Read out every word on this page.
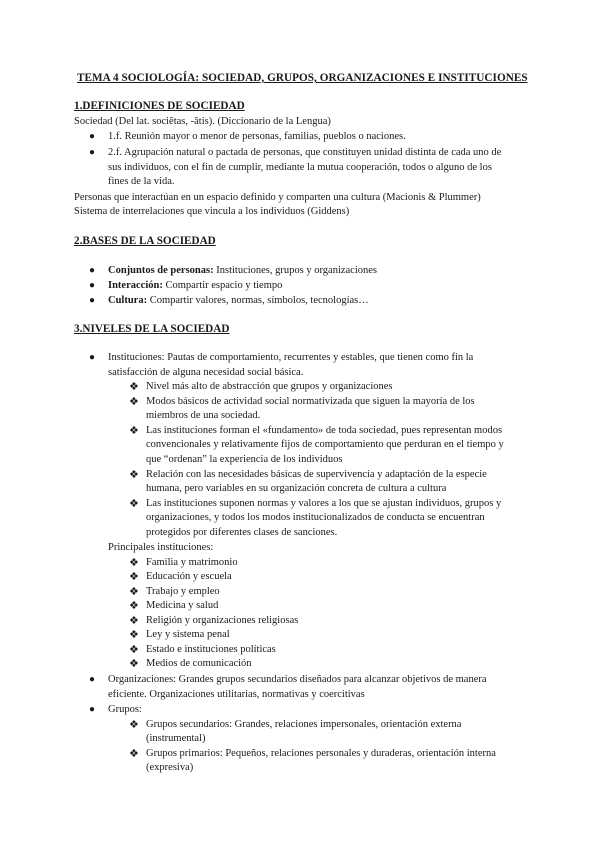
TEMA 4 SOCIOLOGÍA: SOCIEDAD, GRUPOS, ORGANIZACIONES E INSTITUCIONES
1.DEFINICIONES DE SOCIEDAD
Sociedad (Del lat. sociĕtas, -ātis). (Diccionario de la Lengua)
● 1.f. Reunión mayor o menor de personas, familias, pueblos o naciones.
● 2.f. Agrupación natural o pactada de personas, que constituyen unidad distinta de cada uno de
sus individuos, con el fin de cumplir, mediante la mutua cooperación, todos o alguno de los
fines de la vida.
Personas que interactúan en un espacio definido y comparten una cultura (Macionis & Plummer)
Sistema de interrelaciones que vincula a los individuos (Giddens)
2.BASES DE LA SOCIEDAD
● Conjuntos de personas: Instituciones, grupos y organizaciones
● Interacción: Compartir espacio y tiempo
● Cultura: Compartir valores, normas, símbolos, tecnologías…
3.NIVELES DE LA SOCIEDAD
● Instituciones: Pautas de comportamiento, recurrentes y estables, que tienen como fin la
satisfacción de alguna necesidad social básica.
❖ Nivel más alto de abstracción que grupos y organizaciones
❖ Modos básicos de actividad social normativizada que siguen la mayoría de los
miembros de una sociedad.
❖ Las instituciones forman el «fundamento» de toda sociedad, pues representan modos
convencionales y relativamente fijos de comportamiento que perduran en el tiempo y
que “ordenan” la experiencia de los individuos
❖ Relación con las necesidades básicas de supervivencia y adaptación de la especie
humana, pero variables en su organización concreta de cultura a cultura
❖ Las instituciones suponen normas y valores a los que se ajustan individuos, grupos y
organizaciones, y todos los modos institucionalizados de conducta se encuentran
protegidos por diferentes clases de sanciones.
Principales instituciones:
❖ Familia y matrimonio
❖ Educación y escuela
❖ Trabajo y empleo
❖ Medicina y salud
❖ Religión y organizaciones religiosas
❖ Ley y sistema penal
❖ Estado e instituciones políticas
❖ Medios de comunicación
● Organizaciones: Grandes grupos secundarios diseñados para alcanzar objetivos de manera
eficiente. Organizaciones utilitarias, normativas y coercitivas
● Grupos:
❖ Grupos secundarios: Grandes, relaciones impersonales, orientación externa
(instrumental)
❖ Grupos primarios: Pequeños, relaciones personales y duraderas, orientación interna
(expresiva)
